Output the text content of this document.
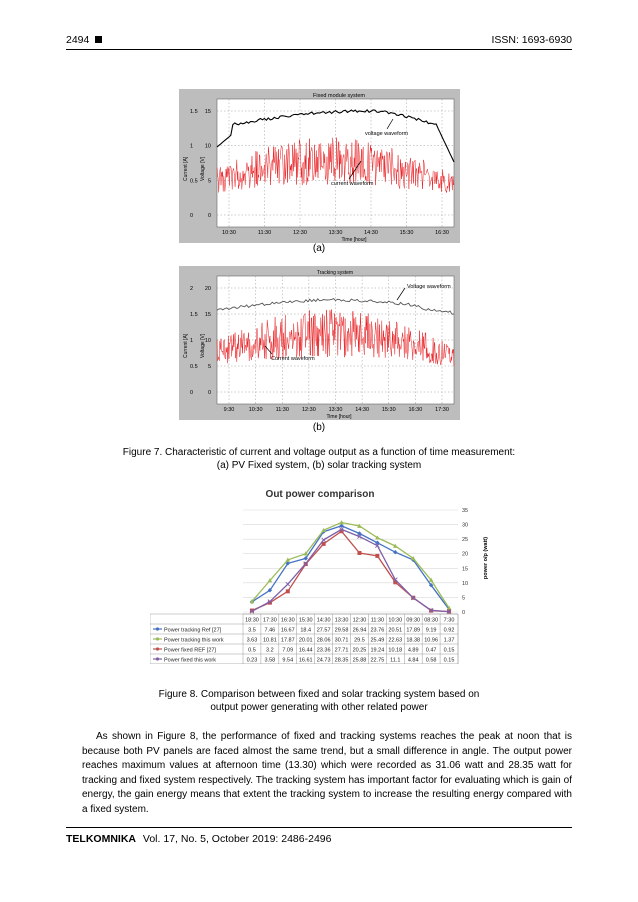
2494	ISSN: 1693-6930
Fixed module system
voltage waveform
current waveform
10:30	11:30	12:30	13:30	14:30	15:30	16:30
Time [hour]
1.5
1
0.5
0
15
10
5
0
Current [A] Voltage [V]
(a)
Tracking system
Voltage waveform
Current waveform
9:30	10:30 11:30 12:30 13:30 14:30 15:30 16:30 17:30
Time [hour]
2
1.5
1
0.5
0
20
15
10
5
0
Current [A] Voltage [V]
(b)
Figure 7. Characteristic of current and voltage output as a function of time measurement:
(a) PV Fixed system, (b) solar tracking system
Out power comparison
35
30
25
20
15
10
5
0
power o/p (watt)
18:30 17:30 16:30 15:30 14:30 13:30 12:30 11:30 10:30 09:30 08:30 7:30
Power tracking Ref [27]	3.5 7.46 16.67 18.4 27.57 29.58 26.94 23.76 20.51 17.89 9.19 0.92
Power tracking this work	3.63 10.81 17.87 20.01 28.06 30.71 29.5 25.49 22.63 18.38 10.96 1.37
Power fixed REF [27]	0.5 3.2 7.09 16.44 23.36 27.71 20.25 19.24 10.18 4.89 0.47 0.15
Power fixed this work	0.23 3.58 9.54 16.61 24.73 28.35 25.88 22.75 11.1 4.84 0.58 0.15
Figure 8. Comparison between fixed and solar tracking system based on
output power generating with other related power

As shown in Figure 8, the performance of fixed and tracking systems reaches the peak at noon that is because both PV panels are faced almost the same trend, but a small difference in angle. The output power reaches maximum values at afternoon time (13.30) which were recorded as 31.06 watt and 28.35 watt for tracking and fixed system respectively. The tracking system has important factor for evaluating which is gain of energy, the gain energy means that extent the tracking system to increase the resulting energy compared with a fixed system.

TELKOMNIKA Vol. 17, No. 5, October 2019: 2486-2496
